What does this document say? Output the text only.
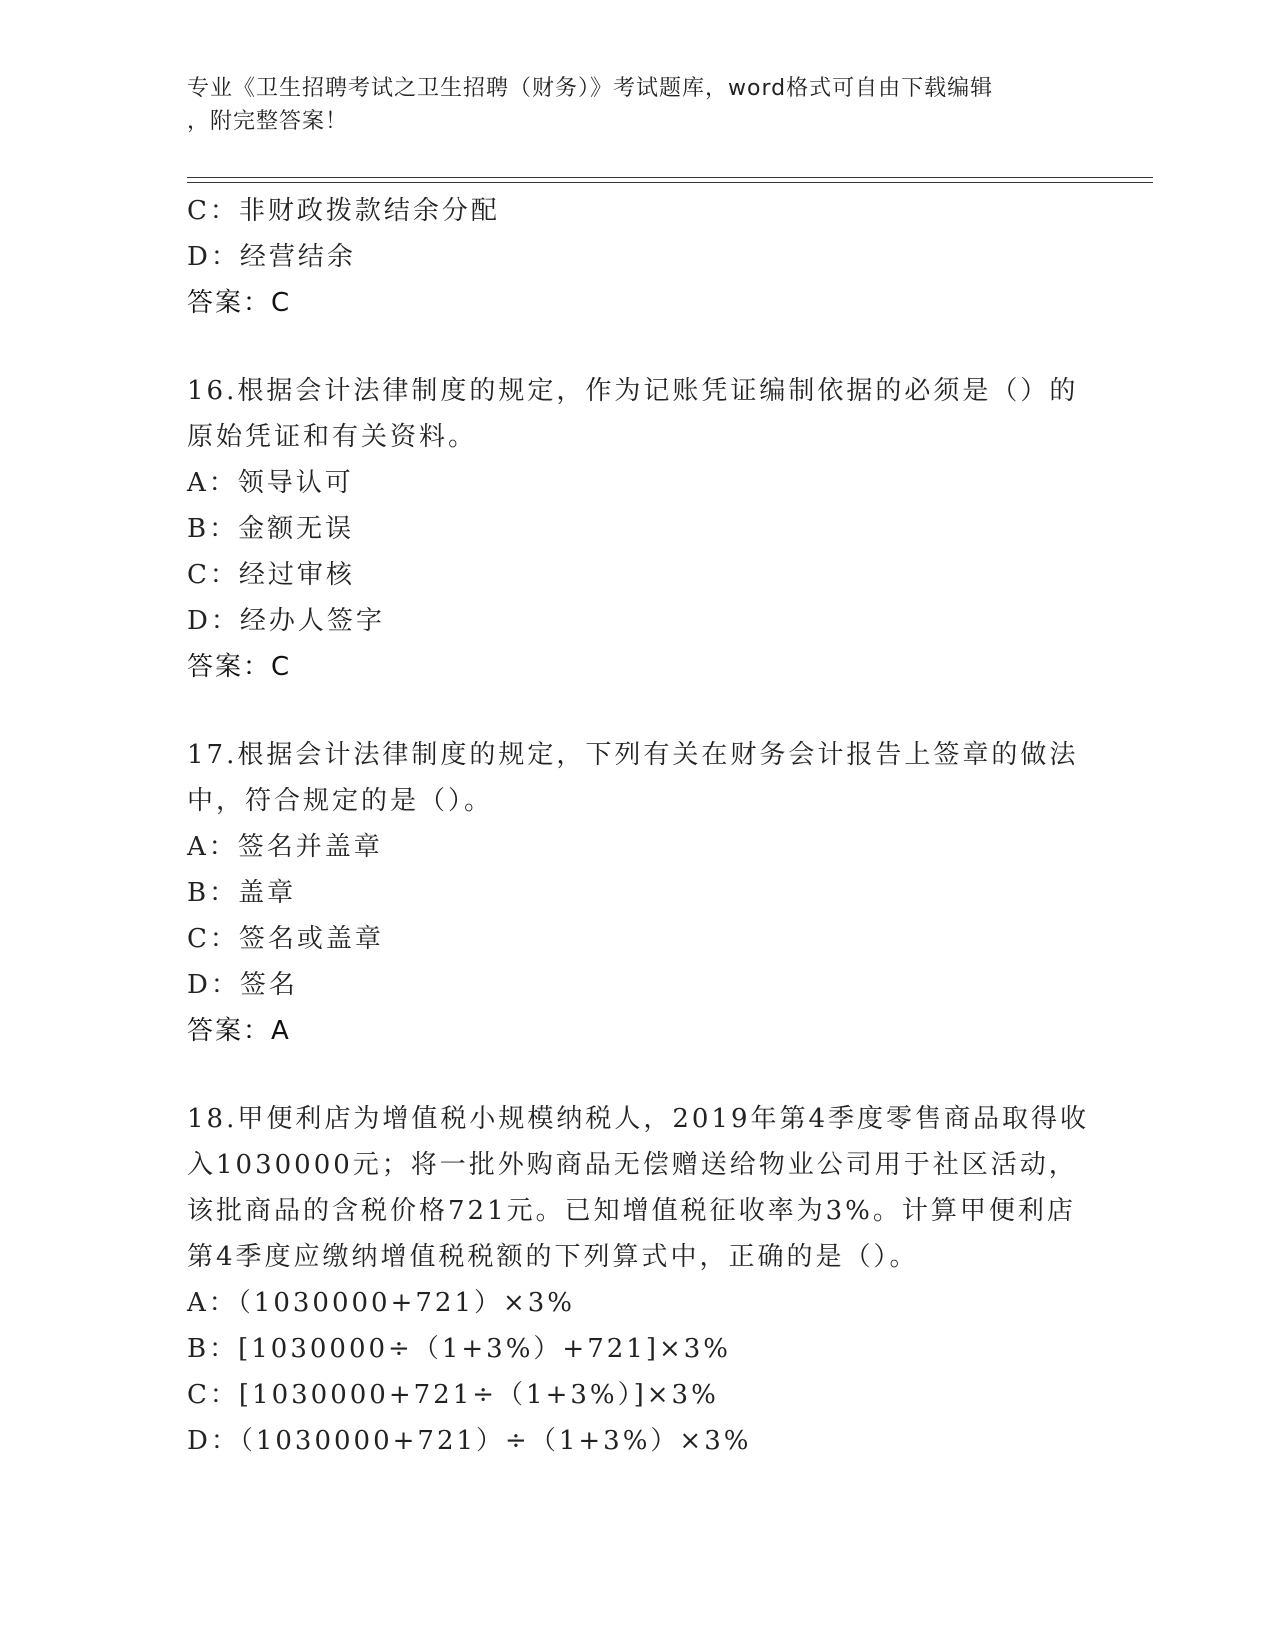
专业《卫生招聘考试之卫生招聘（财务）》考试题库，word格式可自由下载编辑
，附完整答案！
C：非财政拨款结余分配
D：经营结余
答案：C
16.根据会计法律制度的规定，作为记账凭证编制依据的必须是（）的
原始凭证和有关资料。
A：领导认可
B：金额无误
C：经过审核
D：经办人签字
答案：C
17.根据会计法律制度的规定，下列有关在财务会计报告上签章的做法
中，符合规定的是（）。
A：签名并盖章
B：盖章
C：签名或盖章
D：签名
答案：A
18.甲便利店为增值税小规模纳税人，2019年第4季度零售商品取得收
入1030000元；将一批外购商品无偿赠送给物业公司用于社区活动，
该批商品的含税价格721元。已知增值税征收率为3%。计算甲便利店
第4季度应缴纳增值税税额的下列算式中，正确的是（）。
A：（1030000+721）×3%
B：[1030000÷（1+3%）+721]×3%
C：[1030000+721÷（1+3%）]×3%
D：（1030000+721）÷（1+3%）×3%
